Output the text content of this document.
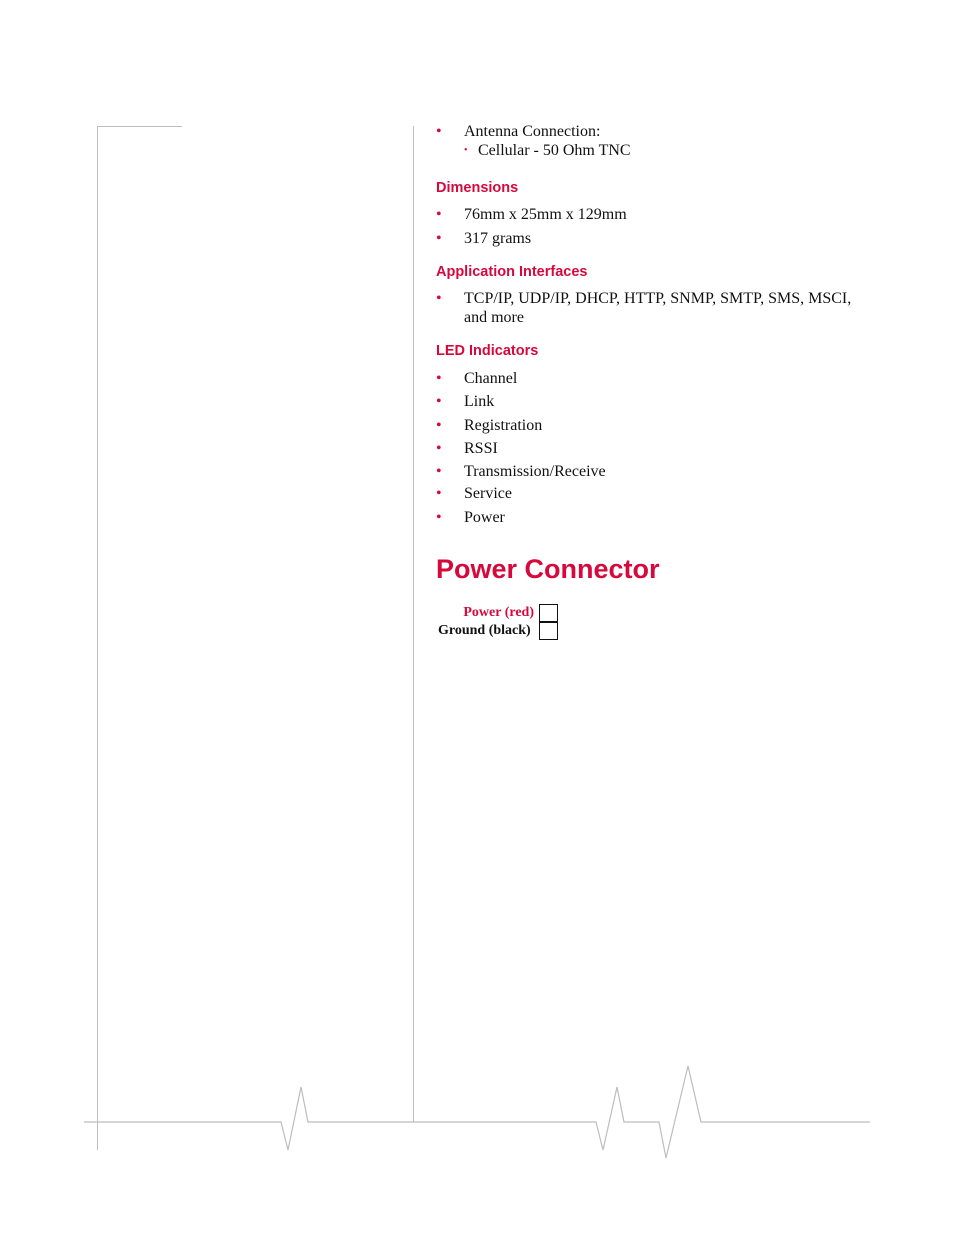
• Antenna Connection:
• Cellular - 50 Ohm TNC
Dimensions
• 76mm x 25mm x 129mm
• 317 grams
Application Interfaces
• TCP/IP, UDP/IP, DHCP, HTTP, SNMP, SMTP, SMS, MSCI, and more
LED Indicators
• Channel
• Link
• Registration
• RSSI
• Transmission/Receive
• Service
• Power
Power Connector
Power (red)
Ground (black)
